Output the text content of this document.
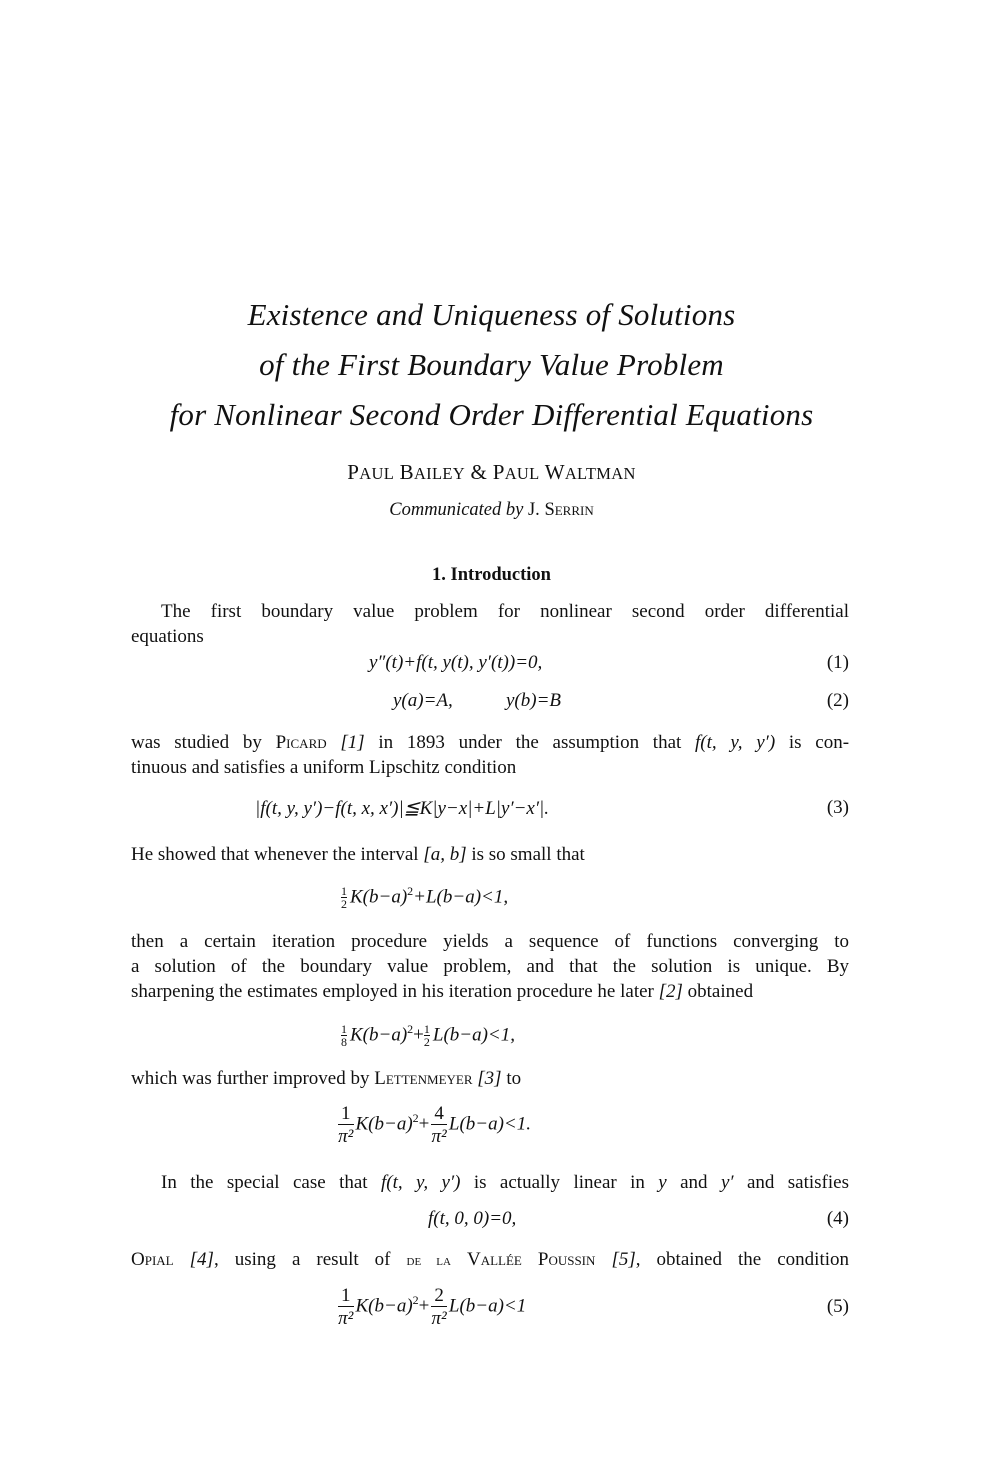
Existence and Uniqueness of Solutions
of the First Boundary Value Problem
for Nonlinear Second Order Differential Equations
PAUL BAILEY & PAUL WALTMAN
Communicated by J. Serrin
1. Introduction
The first boundary value problem for nonlinear second order differential
equations
y″(t)+f(t, y(t), y′(t))=0,	(1)
y(a)=A,	y(b)=B	(2)
was studied by Picard [1] in 1893 under the assumption that f(t, y, y′) is con-
tinuous and satisfies a uniform Lipschitz condition
|f(t, y, y′)−f(t, x, x′)|≦K|y−x|+L|y′−x′|.	(3)
He showed that whenever the interval [a, b] is so small that
$\frac{1}{2} K(b-a)^2+L(b-a)<1$,
then a certain iteration procedure yields a sequence of functions converging to
a solution of the boundary value problem, and that the solution is unique. By
sharpening the estimates employed in his iteration procedure he later [2] obtained
$\frac{1}{8} K(b-a)^2+ \frac{1}{2} L(b-a)<1$,
which was further improved by Lettenmeyer [3] to
$\frac{1}{\text{π²}} K(b-a)^2+ \frac{4}{\text{π²}} L(b-a)<1$.
In the special case that f(t, y, y′) is actually linear in y and y′ and satisfies
f(t, 0, 0)=0,	(4)
Opial [4], using a result of de la Vallée Poussin [5], obtained the condition
$\frac{1}{\text{π²}} K(b-a)^2+ \frac{2}{\text{π²}} L(b-a)<1$	(5)
